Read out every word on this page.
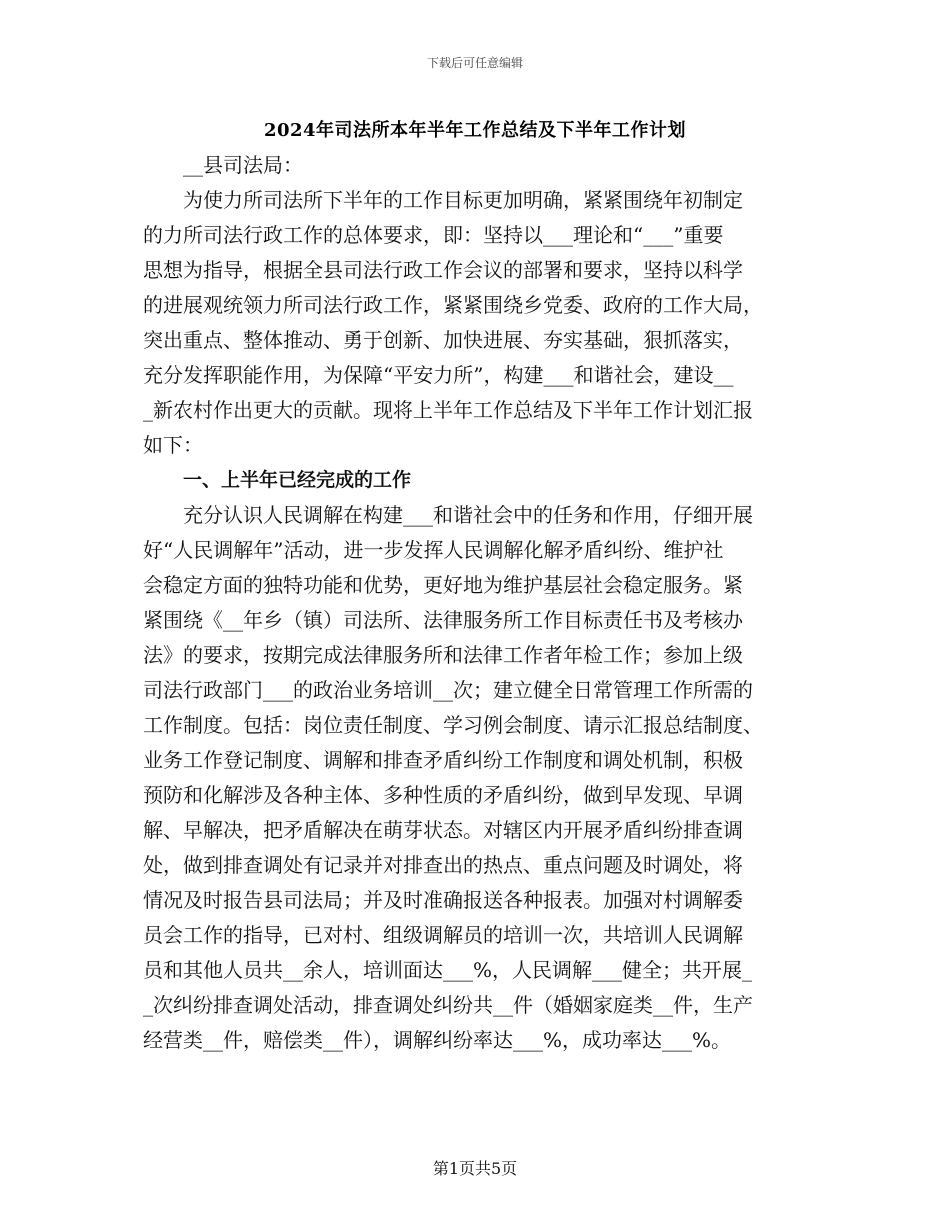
下载后可任意编辑
2024年司法所本年半年工作总结及下半年工作计划
__县司法局：
为使力所司法所下半年的工作目标更加明确，紧紧围绕年初制定
的力所司法行政工作的总体要求，即：坚持以___理论和“___”重要
思想为指导，根据全县司法行政工作会议的部署和要求，坚持以科学
的进展观统领力所司法行政工作，紧紧围绕乡党委、政府的工作大局，
突出重点、整体推动、勇于创新、加快进展、夯实基础，狠抓落实，
充分发挥职能作用，为保障“平安力所”，构建___和谐社会，建设__
_新农村作出更大的贡献。现将上半年工作总结及下半年工作计划汇报
如下：
一、上半年已经完成的工作
充分认识人民调解在构建___和谐社会中的任务和作用，仔细开展
好“人民调解年”活动，进一步发挥人民调解化解矛盾纠纷、维护社
会稳定方面的独特功能和优势，更好地为维护基层社会稳定服务。紧
紧围绕《__年乡（镇）司法所、法律服务所工作目标责任书及考核办
法》的要求，按期完成法律服务所和法律工作者年检工作；参加上级
司法行政部门___的政治业务培训__次；建立健全日常管理工作所需的
工作制度。包括：岗位责任制度、学习例会制度、请示汇报总结制度、
业务工作登记制度、调解和排查矛盾纠纷工作制度和调处机制，积极
预防和化解涉及各种主体、多种性质的矛盾纠纷，做到早发现、早调
解、早解决，把矛盾解决在萌芽状态。对辖区内开展矛盾纠纷排查调
处，做到排查调处有记录并对排查出的热点、重点问题及时调处，将
情况及时报告县司法局；并及时准确报送各种报表。加强对村调解委
员会工作的指导，已对村、组级调解员的培训一次，共培训人民调解
员和其他人员共__余人，培训面达___%，人民调解___健全；共开展_
_次纠纷排查调处活动，排查调处纠纷共__件（婚姻家庭类__件，生产
经营类__件，赔偿类__件），调解纠纷率达___%，成功率达___%。
第1页共5页
